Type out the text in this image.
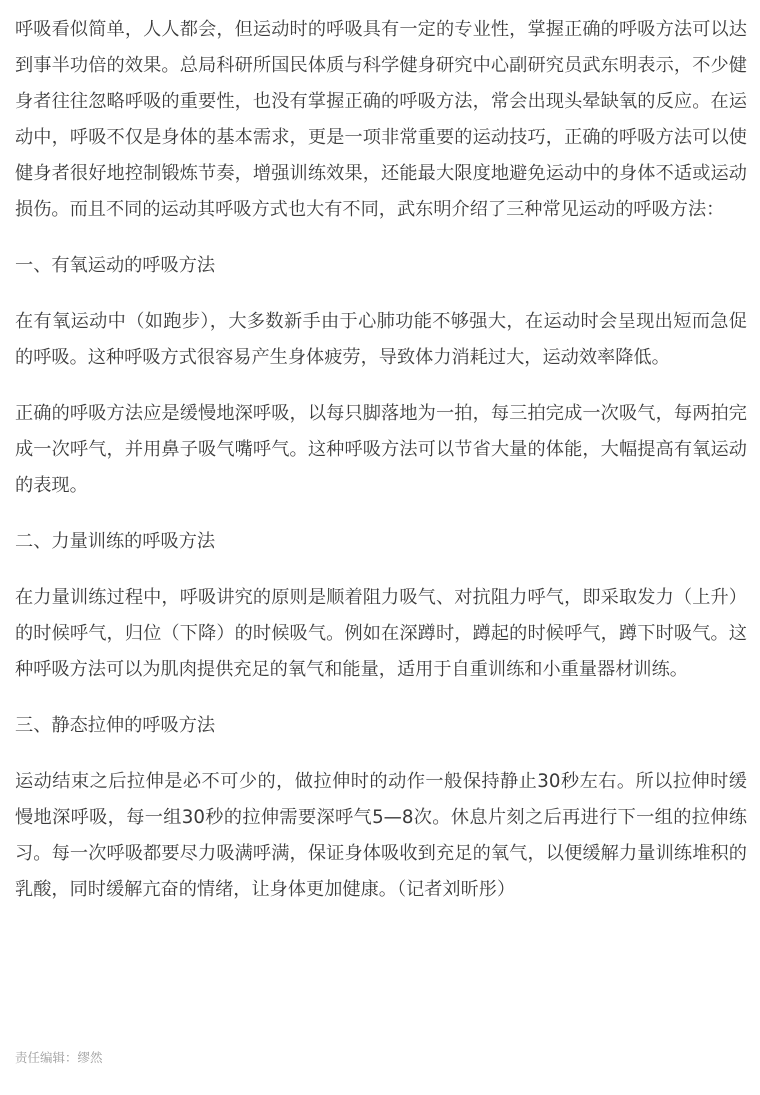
呼吸看似简单，人人都会，但运动时的呼吸具有一定的专业性，掌握正确的呼吸方法可以达到事半功倍的效果。总局科研所国民体质与科学健身研究中心副研究员武东明表示，不少健身者往往忽略呼吸的重要性，也没有掌握正确的呼吸方法，常会出现头晕缺氧的反应。在运动中，呼吸不仅是身体的基本需求，更是一项非常重要的运动技巧，正确的呼吸方法可以使健身者很好地控制锻炼节奏，增强训练效果，还能最大限度地避免运动中的身体不适或运动损伤。而且不同的运动其呼吸方式也大有不同，武东明介绍了三种常见运动的呼吸方法：

一、有氧运动的呼吸方法

在有氧运动中（如跑步），大多数新手由于心肺功能不够强大，在运动时会呈现出短而急促的呼吸。这种呼吸方式很容易产生身体疲劳，导致体力消耗过大，运动效率降低。

正确的呼吸方法应是缓慢地深呼吸，以每只脚落地为一拍，每三拍完成一次吸气，每两拍完成一次呼气，并用鼻子吸气嘴呼气。这种呼吸方法可以节省大量的体能，大幅提高有氧运动的表现。

二、力量训练的呼吸方法

在力量训练过程中，呼吸讲究的原则是顺着阻力吸气、对抗阻力呼气，即采取发力（上升）的时候呼气，归位（下降）的时候吸气。例如在深蹲时，蹲起的时候呼气，蹲下时吸气。这种呼吸方法可以为肌肉提供充足的氧气和能量，适用于自重训练和小重量器材训练。

三、静态拉伸的呼吸方法

运动结束之后拉伸是必不可少的，做拉伸时的动作一般保持静止30秒左右。所以拉伸时缓慢地深呼吸，每一组30秒的拉伸需要深呼气5—8次。休息片刻之后再进行下一组的拉伸练习。每一次呼吸都要尽力吸满呼满，保证身体吸收到充足的氧气，以便缓解力量训练堆积的乳酸，同时缓解亢奋的情绪，让身体更加健康。（记者刘昕彤）

责任编辑：缪然
